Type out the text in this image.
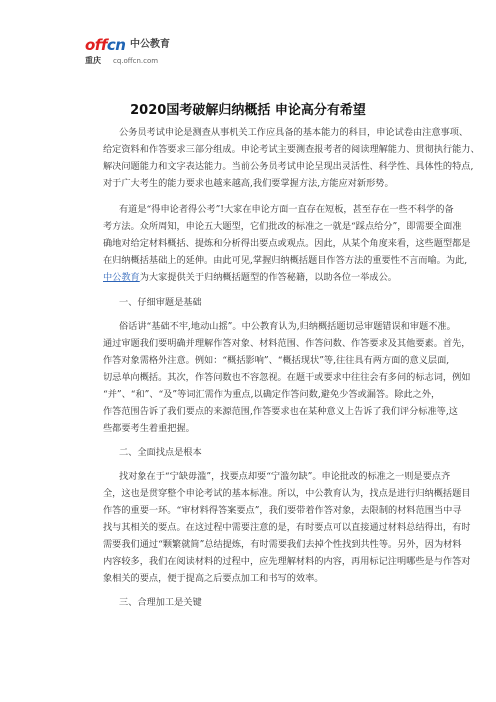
offcn 中公教育
重庆 cq.offcn.com
2020国考破解归纳概括 申论高分有希望
公务员考试申论是测查从事机关工作应具备的基本能力的科目，申论试卷由注意事项、
给定资料和作答要求三部分组成。申论考试主要测查报考者的阅读理解能力、贯彻执行能力、
解决问题能力和文字表达能力。当前公务员考试申论呈现出灵活性、科学性、具体性的特点,
对于广大考生的能力要求也越来越高,我们要掌握方法,方能应对新形势。
有道是“得申论者得公考”!大家在申论方面一直存在短板，甚至存在一些不科学的备
考方法。众所周知，申论五大题型，它们批改的标准之一就是“踩点给分”，即需要全面准
确地对给定材料概括、提炼和分析得出要点或观点。因此，从某个角度来看，这些题型都是
在归纳概括基础上的延伸。由此可见,掌握归纳概括题目作答方法的重要性不言而喻。为此,
中公教育为大家提供关于归纳概括题型的作答秘籍，以助各位一举成公。
一、仔细审题是基础
俗话讲“基础不牢,地动山摇”。中公教育认为,归纳概括题切忌审题错误和审题不准。
通过审题我们要明确并理解作答对象、材料范围、作答问数、作答要求及其他要素。首先，
作答对象需格外注意。例如：“概括影响”、“概括现状”等,往往具有两方面的意义层面,
切忌单向概括。其次，作答问数也不容忽视。在题干或要求中往往会有多问的标志词，例如
“并”、“和”、“及”等词汇需作为重点,以确定作答问数,避免少答或漏答。除此之外，
作答范围告诉了我们要点的来源范围,作答要求也在某种意义上告诉了我们评分标准等,这
些都要考生着重把握。
二、全面找点是根本
找对象在于“宁缺毋滥”，找要点却要“宁滥勿缺”。申论批改的标准之一则是要点齐
全，这也是贯穿整个申论考试的基本标准。所以，中公教育认为，找点是进行归纳概括题目
作答的重要一环。“审材料得答案要点”，我们要带着作答对象，去限制的材料范围当中寻
找与其相关的要点。在这过程中需要注意的是，有时要点可以直接通过材料总结得出，有时
需要我们通过“颗繁就简”总结提炼，有时需要我们去掉个性找到共性等。另外，因为材料
内容较多，我们在阅读材料的过程中，应先理解材料的内容，再用标记注明哪些是与作答对
象相关的要点，便于提高之后要点加工和书写的效率。
三、合理加工是关键
